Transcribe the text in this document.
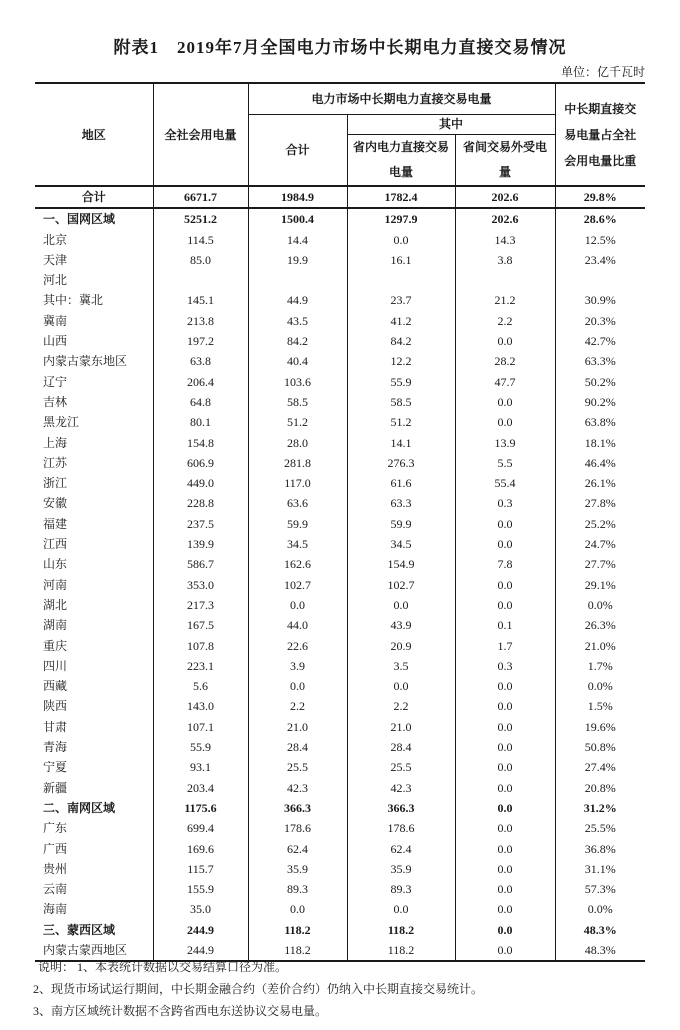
附表1　2019年7月全国电力市场中长期电力直接交易情况
单位：亿千瓦时
地区	全社会用电量	电力市场中长期电力直接交易电量			中长期直接交易电量占全社会用电量比重
		合计	其中		
			省内电力直接交易电量	省间交易外受电量	
合计	6671.7	1984.9	1782.4	202.6	29.8%
一、国网区域	5251.2	1500.4	1297.9	202.6	28.6%
北京	114.5	14.4	0.0	14.3	12.5%
天津	85.0	19.9	16.1	3.8	23.4%
河北					
其中：冀北	145.1	44.9	23.7	21.2	30.9%
冀南	213.8	43.5	41.2	2.2	20.3%
山西	197.2	84.2	84.2	0.0	42.7%
内蒙古蒙东地区	63.8	40.4	12.2	28.2	63.3%
辽宁	206.4	103.6	55.9	47.7	50.2%
吉林	64.8	58.5	58.5	0.0	90.2%
黑龙江	80.1	51.2	51.2	0.0	63.8%
上海	154.8	28.0	14.1	13.9	18.1%
江苏	606.9	281.8	276.3	5.5	46.4%
浙江	449.0	117.0	61.6	55.4	26.1%
安徽	228.8	63.6	63.3	0.3	27.8%
福建	237.5	59.9	59.9	0.0	25.2%
江西	139.9	34.5	34.5	0.0	24.7%
山东	586.7	162.6	154.9	7.8	27.7%
河南	353.0	102.7	102.7	0.0	29.1%
湖北	217.3	0.0	0.0	0.0	0.0%
湖南	167.5	44.0	43.9	0.1	26.3%
重庆	107.8	22.6	20.9	1.7	21.0%
四川	223.1	3.9	3.5	0.3	1.7%
西藏	5.6	0.0	0.0	0.0	0.0%
陕西	143.0	2.2	2.2	0.0	1.5%
甘肃	107.1	21.0	21.0	0.0	19.6%
青海	55.9	28.4	28.4	0.0	50.8%
宁夏	93.1	25.5	25.5	0.0	27.4%
新疆	203.4	42.3	42.3	0.0	20.8%
二、南网区域	1175.6	366.3	366.3	0.0	31.2%
广东	699.4	178.6	178.6	0.0	25.5%
广西	169.6	62.4	62.4	0.0	36.8%
贵州	115.7	35.9	35.9	0.0	31.1%
云南	155.9	89.3	89.3	0.0	57.3%
海南	35.0	0.0	0.0	0.0	0.0%
三、蒙西区域	244.9	118.2	118.2	0.0	48.3%
内蒙古蒙西地区	244.9	118.2	118.2	0.0	48.3%

说明： 1、本表统计数据以交易结算口径为准。

2、现货市场试运行期间，中长期金融合约（差价合约）仍纳入中长期直接交易统计。

3、南方区域统计数据不含跨省西电东送协议交易电量。
